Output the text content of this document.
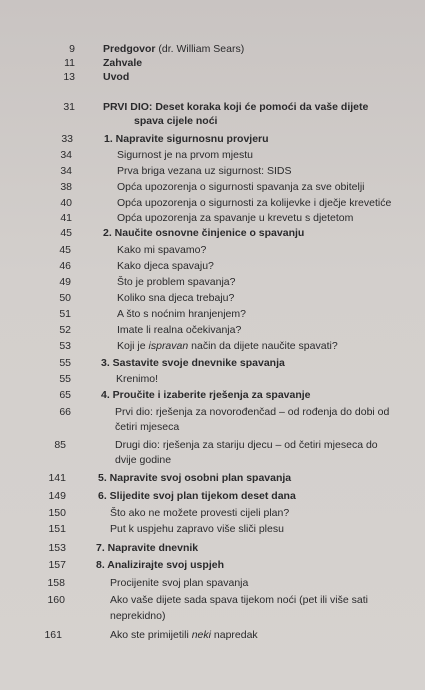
9	Predgovor (dr. William Sears)
11	Zahvale
13	Uvod
31	PRVI DIO: Deset koraka koji će pomoći da vaše dijete
spava cijele noći
33	1. Napravite sigurnosnu provjeru
34	Sigurnost je na prvom mjestu
34	Prva briga vezana uz sigurnost: SIDS
38	Opća upozorenja o sigurnosti spavanja za sve obitelji
40	Opća upozorenja o sigurnosti za kolijevke i dječje krevetiće
41	Opća upozorenja za spavanje u krevetu s djetetom
45	2. Naučite osnovne činjenice o spavanju
45	Kako mi spavamo?
46	Kako djeca spavaju?
49	Što je problem spavanja?
50	Koliko sna djeca trebaju?
51	A što s noćnim hranjenjem?
52	Imate li realna očekivanja?
53	Koji je ispravan način da dijete naučite spavati?
55	3. Sastavite svoje dnevnike spavanja
55	Krenimo!
65	4. Proučite i izaberite rješenja za spavanje
66	Prvi dio: rješenja za novorođenčad – od rođenja do dobi od
četiri mjeseca
85	Drugi dio: rješenja za stariju djecu – od četiri mjeseca do
dvije godine
141	5. Napravite svoj osobni plan spavanja
149	6. Slijedite svoj plan tijekom deset dana
150	Što ako ne možete provesti cijeli plan?
151	Put k uspjehu zapravo više sliči plesu
153	7. Napravite dnevnik
157	8. Analizirajte svoj uspjeh
158	Procijenite svoj plan spavanja
160	Ako vaše dijete sada spava tijekom noći (pet ili više sati
neprekidno)
161	Ako ste primijetili neki napredak
